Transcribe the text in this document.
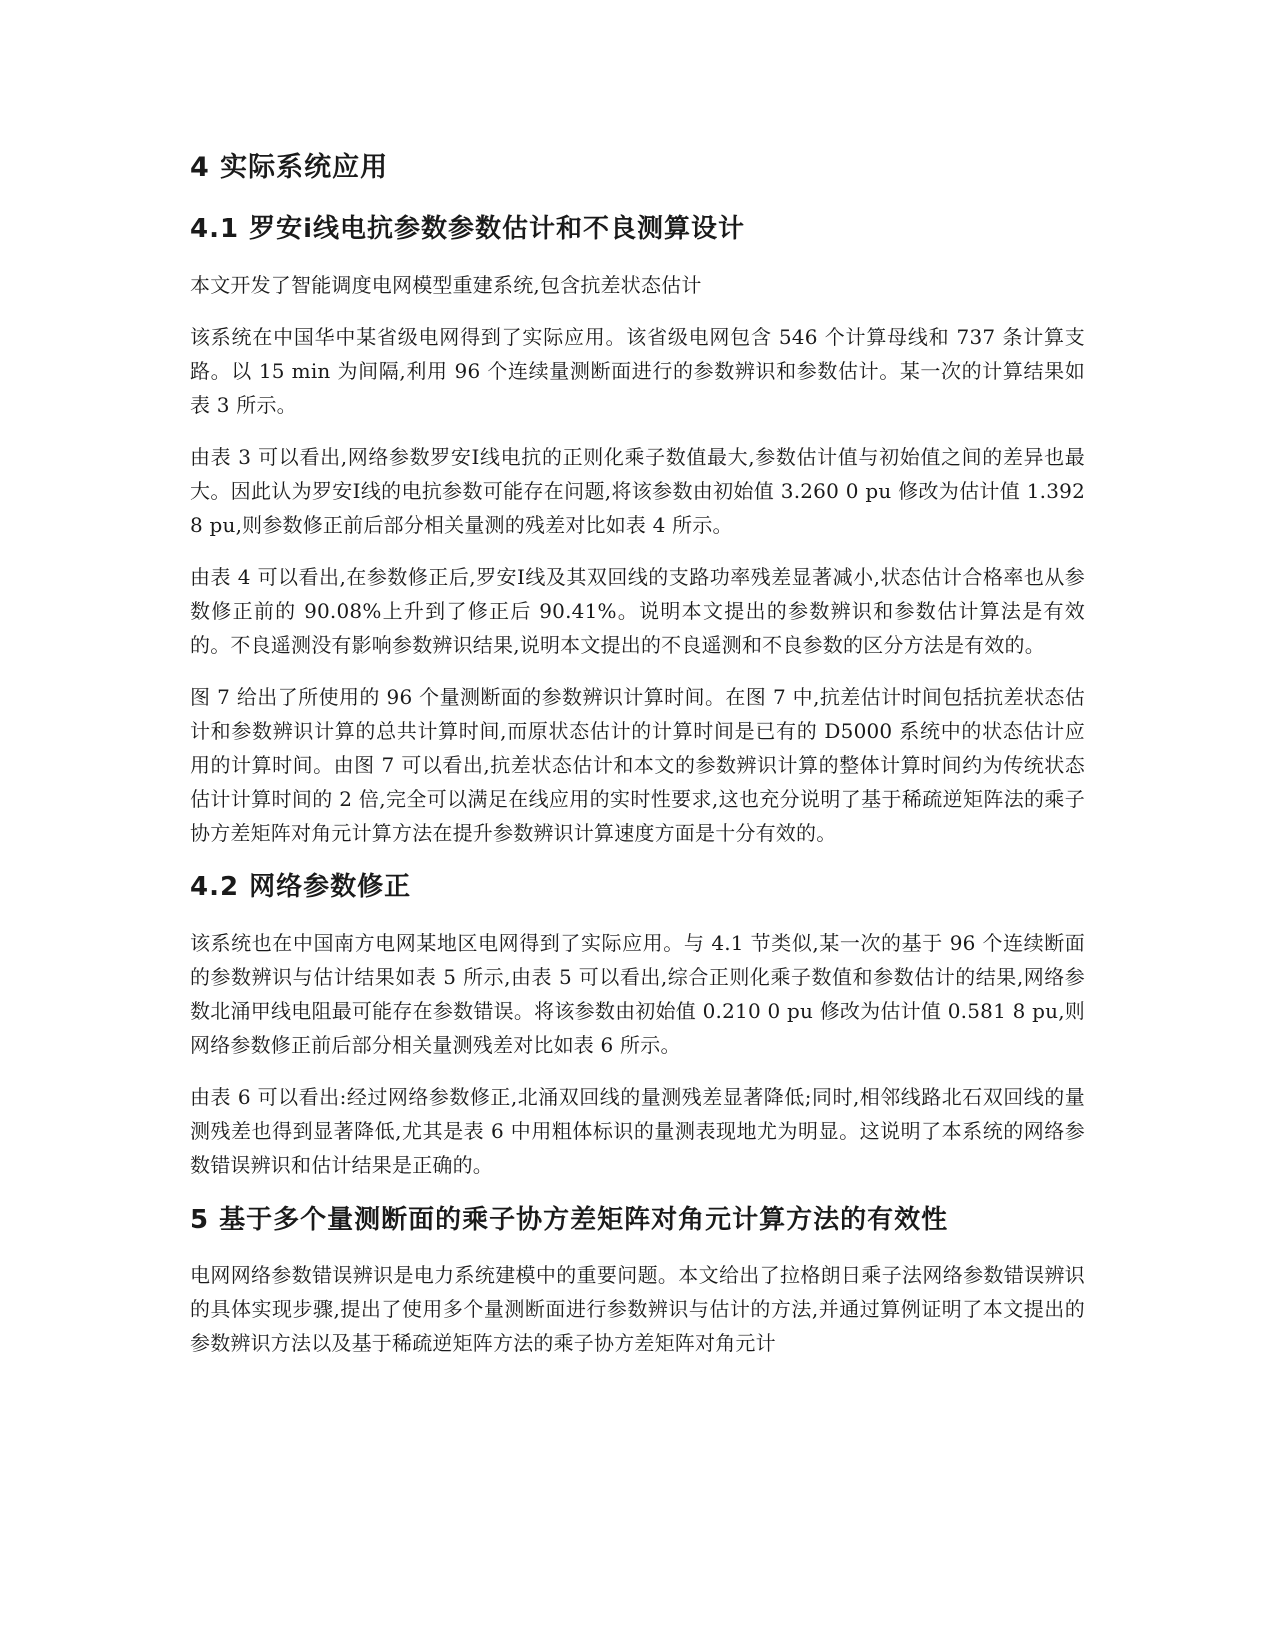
4 实际系统应用
4.1 罗安ⅰ线电抗参数参数估计和不良测算设计

本文开发了智能调度电网模型重建系统,包含抗差状态估计

该系统在中国华中某省级电网得到了实际应用。该省级电网包含 546 个计算母线和 737 条计算支路。以 15 min 为间隔,利用 96 个连续量测断面进行的参数辨识和参数估计。某一次的计算结果如表 3 所示。

由表 3 可以看出,网络参数罗安Ⅰ线电抗的正则化乘子数值最大,参数估计值与初始值之间的差异也最大。因此认为罗安Ⅰ线的电抗参数可能存在问题,将该参数由初始值 3.260 0 pu 修改为估计值 1.392 8 pu,则参数修正前后部分相关量测的残差对比如表 4 所示。

由表 4 可以看出,在参数修正后,罗安Ⅰ线及其双回线的支路功率残差显著减小,状态估计合格率也从参数修正前的 90.08%上升到了修正后 90.41%。说明本文提出的参数辨识和参数估计算法是有效的。不良遥测没有影响参数辨识结果,说明本文提出的不良遥测和不良参数的区分方法是有效的。

图 7 给出了所使用的 96 个量测断面的参数辨识计算时间。在图 7 中,抗差估计时间包括抗差状态估计和参数辨识计算的总共计算时间,而原状态估计的计算时间是已有的 D5000 系统中的状态估计应用的计算时间。由图 7 可以看出,抗差状态估计和本文的参数辨识计算的整体计算时间约为传统状态估计计算时间的 2 倍,完全可以满足在线应用的实时性要求,这也充分说明了基于稀疏逆矩阵法的乘子协方差矩阵对角元计算方法在提升参数辨识计算速度方面是十分有效的。

4.2 网络参数修正

该系统也在中国南方电网某地区电网得到了实际应用。与 4.1 节类似,某一次的基于 96 个连续断面的参数辨识与估计结果如表 5 所示,由表 5 可以看出,综合正则化乘子数值和参数估计的结果,网络参数北涌甲线电阻最可能存在参数错误。将该参数由初始值 0.210 0 pu 修改为估计值 0.581 8 pu,则网络参数修正前后部分相关量测残差对比如表 6 所示。

由表 6 可以看出:经过网络参数修正,北涌双回线的量测残差显著降低;同时,相邻线路北石双回线的量测残差也得到显著降低,尤其是表 6 中用粗体标识的量测表现地尤为明显。这说明了本系统的网络参数错误辨识和估计结果是正确的。

5 基于多个量测断面的乘子协方差矩阵对角元计算方法的有效性

电网网络参数错误辨识是电力系统建模中的重要问题。本文给出了拉格朗日乘子法网络参数错误辨识的具体实现步骤,提出了使用多个量测断面进行参数辨识与估计的方法,并通过算例证明了本文提出的参数辨识方法以及基于稀疏逆矩阵方法的乘子协方差矩阵对角元计
